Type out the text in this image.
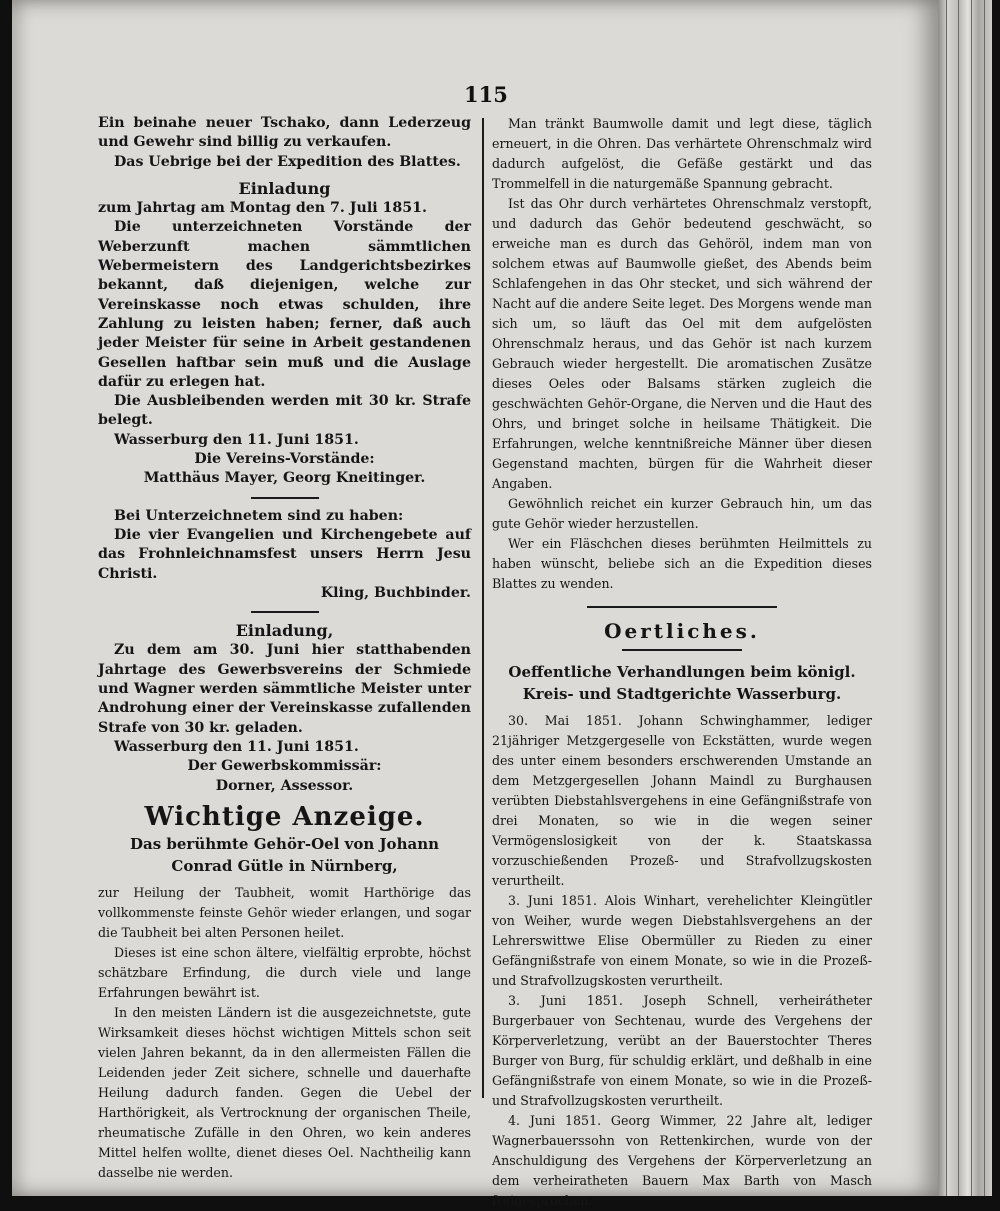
115

Ein beinahe neuer Tschako, dann Lederzeug und Gewehr sind billig zu verkaufen.

Das Uebrige bei der Expedition des Blattes.

Einladung

zum Jahrtag am Montag den 7. Juli 1851.

Die unterzeichneten Vorstände der Weberzunft machen sämmtlichen Webermeistern des Landgerichtsbezirkes bekannt, daß diejenigen, welche zur Vereinskasse noch etwas schulden, ihre Zahlung zu leisten haben; ferner, daß auch jeder Meister für seine in Arbeit gestandenen Gesellen haftbar sein muß und die Auslage dafür zu erlegen hat.

Die Ausbleibenden werden mit 30 kr. Strafe belegt.

Wasserburg den 11. Juni 1851.

Die Vereins-Vorstände:

Matthäus Mayer, Georg Kneitinger.

Bei Unterzeichnetem sind zu haben:

Die vier Evangelien und Kirchengebete auf das Frohnleichnamsfest unsers Herrn Jesu Christi.

Kling, Buchbinder.

Einladung,

Zu dem am 30. Juni hier statthabenden Jahrtage des Gewerbsvereins der Schmiede und Wagner werden sämmtliche Meister unter Androhung einer der Vereinskasse zufallenden Strafe von 30 kr. geladen.

Wasserburg den 11. Juni 1851.

Der Gewerbskommissär:

Dorner, Assessor.

Wichtige Anzeige.
Das berühmte Gehör-Oel von Johann Conrad Gütle in Nürnberg,

zur Heilung der Taubheit, womit Harthörige das vollkommenste feinste Gehör wieder erlangen, und sogar die Taubheit bei alten Personen heilet.

Dieses ist eine schon ältere, vielfältig erprobte, höchst schätzbare Erfindung, die durch viele und lange Erfahrungen bewährt ist.

In den meisten Ländern ist die ausgezeichnetste, gute Wirksamkeit dieses höchst wichtigen Mittels schon seit vielen Jahren bekannt, da in den allermeisten Fällen die Leidenden jeder Zeit sichere, schnelle und dauerhafte Heilung dadurch fanden. Gegen die Uebel der Harthörigkeit, als Vertrocknung der organischen Theile, rheumatische Zufälle in den Ohren, wo kein anderes Mittel helfen wollte, dienet dieses Oel. Nachtheilig kann dasselbe nie werden.

Man tränkt Baumwolle damit und legt diese, täglich erneuert, in die Ohren. Das verhärtete Ohrenschmalz wird dadurch aufgelöst, die Gefäße gestärkt und das Trommelfell in die naturgemäße Spannung gebracht.

Ist das Ohr durch verhärtetes Ohrenschmalz verstopft, und dadurch das Gehör bedeutend geschwächt, so erweiche man es durch das Gehöröl, indem man von solchem etwas auf Baumwolle gießet, des Abends beim Schlafengehen in das Ohr stecket, und sich während der Nacht auf die andere Seite leget. Des Morgens wende man sich um, so läuft das Oel mit dem aufgelösten Ohrenschmalz heraus, und das Gehör ist nach kurzem Gebrauch wieder hergestellt. Die aromatischen Zusätze dieses Oeles oder Balsams stärken zugleich die geschwächten Gehör-Organe, die Nerven und die Haut des Ohrs, und bringet solche in heilsame Thätigkeit. Die Erfahrungen, welche kenntnißreiche Männer über diesen Gegenstand machten, bürgen für die Wahrheit dieser Angaben.

Gewöhnlich reichet ein kurzer Gebrauch hin, um das gute Gehör wieder herzustellen.

Wer ein Fläschchen dieses berühmten Heilmittels zu haben wünscht, beliebe sich an die Expedition dieses Blattes zu wenden.

Oertliches.
Oeffentliche Verhandlungen beim königl. Kreis- und Stadtgerichte Wasserburg.

30. Mai 1851. Johann Schwinghammer, lediger 21jähriger Metzgergeselle von Eckstätten, wurde wegen des unter einem besonders erschwerenden Umstande an dem Metzgergesellen Johann Maindl zu Burghausen verübten Diebstahlsvergehens in eine Gefängnißstrafe von drei Monaten, so wie in die wegen seiner Vermögenslosigkeit von der k. Staatskassa vorzuschießenden Prozeß- und Strafvollzugskosten verurtheilt.

3. Juni 1851. Alois Winhart, verehelichter Kleingütler von Weiher, wurde wegen Diebstahlsvergehens an der Lehrerswittwe Elise Obermüller zu Rieden zu einer Gefängnißstrafe von einem Monate, so wie in die Prozeß- und Strafvollzugskosten verurtheilt.

3. Juni 1851. Joseph Schnell, verheirátheter Burgerbauer von Sechtenau, wurde des Vergehens der Körperverletzung, verübt an der Bauerstochter Theres Burger von Burg, für schuldig erklärt, und deßhalb in eine Gefängnißstrafe von einem Monate, so wie in die Prozeß- und Strafvollzugskosten verurtheilt.

4. Juni 1851. Georg Wimmer, 22 Jahre alt, lediger Wagnerbauerssohn von Rettenkirchen, wurde von der Anschuldigung des Vergehens der Körperverletzung an dem verheiratheten Bauern Max Barth von Masch freigesprochen.
